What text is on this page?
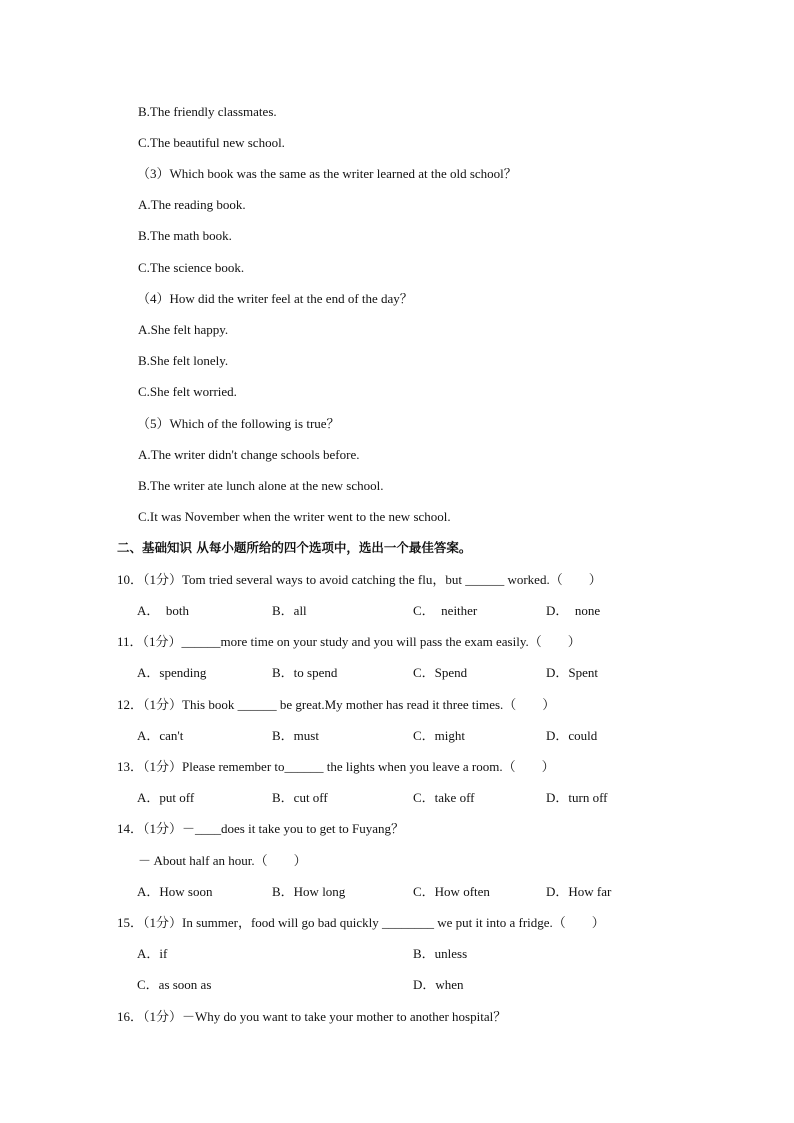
B.The friendly classmates.
C.The beautiful new school.
（3）Which book was the same as the writer learned at the old school？
A.The reading book.
B.The math book.
C.The science book.
（4）How did the writer feel at the end of the day？
A.She felt happy.
B.She felt lonely.
C.She felt worried.
（5）Which of the following is true？
A.The writer didn't change schools before.
B.The writer ate lunch alone at the new school.
C.It was November when the writer went to the new school.
二、基础知识 从每小题所给的四个选项中，选出一个最佳答案。
10．（1分）Tom tried several ways to avoid catching the flu，but ______ worked.（　　）
A．  both	B．all	C．  neither	D．  none
11．（1分）______more time on your study and you will pass the exam easily.（　　）
A．spending	B．to spend	C．Spend	D．Spent
12．（1分）This book ______ be great.My mother has read it three times.（　　）
A．can't	B．must	C．might	D．could
13．（1分）Please remember to______ the lights when you leave a room.（　　）
A．put off	B．cut off	C．take off	D．turn off
14．（1分）－____does it take you to get to Fuyang？
－ About half an hour.（　　）
A．How soon	B．How long	C．How often	D．How far
15．（1分）In summer，food will go bad quickly ________ we put it into a fridge.（　　）
A．if	B．unless
C．as soon as	D．when
16．（1分）－Why do you want to take your mother to another hospital？
